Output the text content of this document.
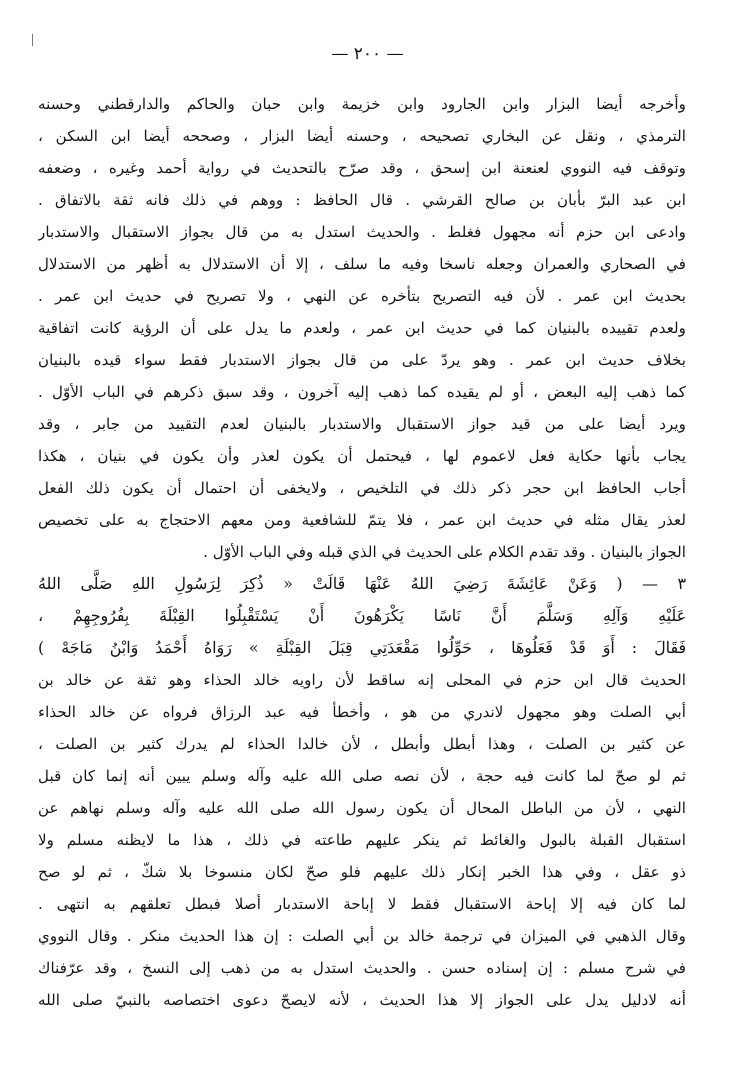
— ٢٠٠ —
وأخرجه أيضا البزار وابن الجارود وابن خزيمة وابن حبان والحاكم والدارقطني وحسنه
الترمذي ، ونقل عن البخاري تصحيحه ، وحسنه أيضا البزار ، وصححه أيضا ابن السكن ،
وتوقف فيه النووي لعنعنة ابن إسحق ، وقد صرّح بالتحديث في رواية أحمد وغيره ، وضعفه
ابن عبد البرّ بأبان بن صالح القرشي . قال الحافظ : ووهم في ذلك فانه ثقة بالاتفاق .
وادعى ابن حزم أنه مجهول فغلط . والحديث استدل به من قال بجواز الاستقبال والاستدبار
في الصحاري والعمران وجعله ناسخا وفيه ما سلف ، إلا أن الاستدلال به أظهر من الاستدلال
بحديث ابن عمر . لأن فيه التصريح بتأخره عن النهي ، ولا تصريح في حديث ابن عمر .
ولعدم تقييده بالبنيان كما في حديث ابن عمر ، ولعدم ما يدل على أن الرؤية كانت اتفاقية
بخلاف حديث ابن عمر . وهو يردّ على من قال بجواز الاستدبار فقط سواء قيده بالبنيان
كما ذهب إليه البعض ، أو لم يقيده كما ذهب إليه آخرون ، وقد سبق ذكرهم في الباب الأوّل .
ويرد أيضا على من قيد جواز الاستقبال والاستدبار بالبنيان لعدم التقييد من جابر ، وقد
يجاب بأنها حكاية فعل لاعموم لها ، فيحتمل أن يكون لعذر وأن يكون في بنيان ، هكذا
أجاب الحافظ ابن حجر ذكر ذلك في التلخيص ، ولايخفى أن احتمال أن يكون ذلك الفعل
لعذر يقال مثله في حديث ابن عمر ، فلا يتمّ للشافعية ومن معهم الاحتجاج به على تخصيص
الجواز بالبنيان . وقد تقدم الكلام على الحديث في الذي قبله وفي الباب الأوّل .
٣ — ( وَعَنْ عَائِشَةَ رَضِيَ اللهُ عَنْهَا قَالَتْ « ذُكِرَ لِرَسُولِ اللهِ صَلَّى اللهُ
عَلَيْهِ وَآلِهِ وَسَلَّمَ أَنَّ نَاسًا يَكْرَهُونَ أَنْ يَسْتَقْبِلُوا القِبْلَةَ بِفُرُوجِهِمْ ،
فَقَالَ : أَوَ قَدْ فَعَلُوهَا ، حَوِّلُوا مَقْعَدَتِي قِبَلَ القِبْلَةِ » رَوَاهُ أَحْمَدُ وَابْنُ مَاجَهْ )
الحديث قال ابن حزم في المحلى إنه ساقط لأن راويه خالد الحذاء وهو ثقة عن خالد بن
أبي الصلت وهو مجهول لاندري من هو ، وأخطأ فيه عبد الرزاق فرواه عن خالد الحذاء
عن كثير بن الصلت ، وهذا أبطل وأبطل ، لأن خالدا الحذاء لم يدرك كثير بن الصلت ،
ثم لو صحّ لما كانت فيه حجة ، لأن نصه صلى الله عليه وآله وسلم يبين أنه إنما كان قبل
النهي ، لأن من الباطل المحال أن يكون رسول الله صلى الله عليه وآله وسلم نهاهم عن
استقبال القبلة بالبول والغائط ثم ينكر عليهم طاعته في ذلك ، هذا ما لايظنه مسلم ولا
ذو عقل ، وفي هذا الخبر إنكار ذلك عليهم فلو صحّ لكان منسوخا بلا شكّ ، ثم لو صح
لما كان فيه إلا إباحة الاستقبال فقط لا إباحة الاستدبار أصلا فبطل تعلقهم به انتهى .
وقال الذهبي في الميزان في ترجمة خالد بن أبي الصلت : إن هذا الحديث منكر . وقال النووي
في شرح مسلم : إن إسناده حسن . والحديث استدل به من ذهب إلى النسخ ، وقد عرّفناك
أنه لادليل يدل على الجواز إلا هذا الحديث ، لأنه لايصحّ دعوى اختصاصه بالنبيّ صلى الله
